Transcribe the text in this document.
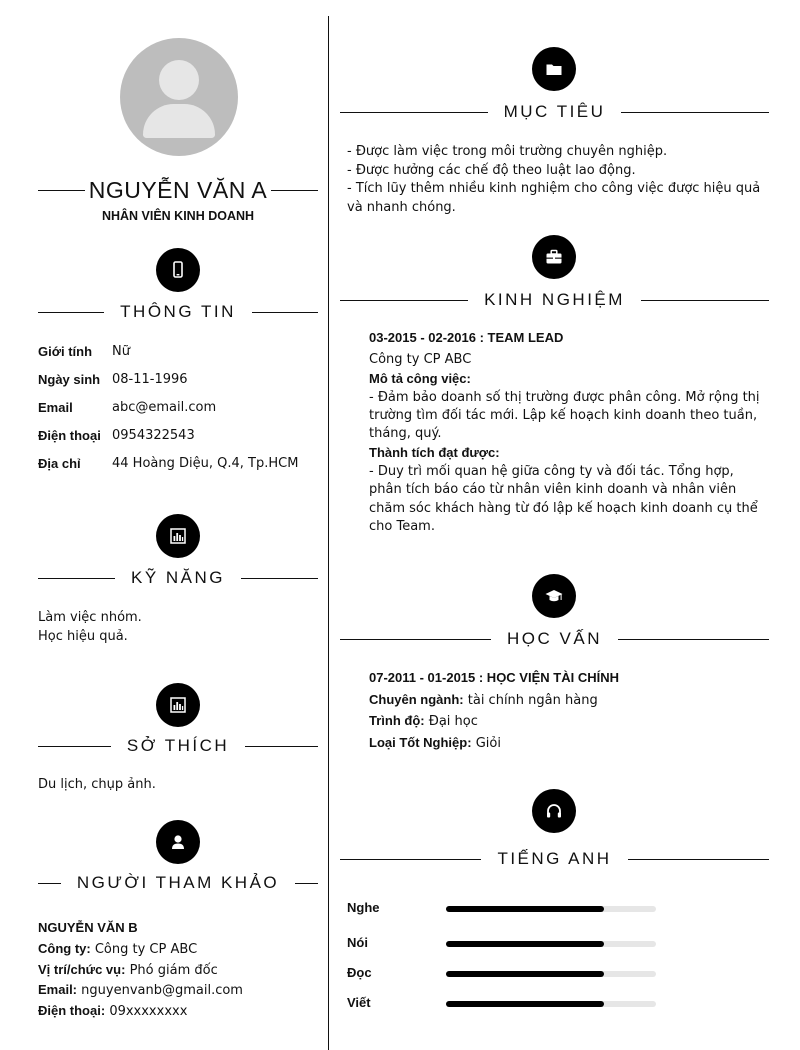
NGUYỄN VĂN A
NHÂN VIÊN KINH DOANH
THÔNG TIN
Giới tính Nữ
Ngày sinh 08-11-1996
Email	abc@email.com
Điện thoại 0954322543
Địa chỉ 44 Hoàng Diệu, Q.4, Tp.HCM
KỸ NĂNG
Làm việc nhóm.
Học hiệu quả.
SỞ THÍCH
Du lịch, chụp ảnh.
NGƯỜI THAM KHẢO
NGUYỄN VĂN B
Công ty: Công ty CP ABC
Vị trí/chức vụ: Phó giám đốc
Email: nguyenvanb@gmail.com
Điện thoại: 09xxxxxxxx
MỤC TIÊU
- Được làm việc trong môi trường chuyên nghiệp.
- Được hưởng các chế độ theo luật lao động.
- Tích lũy thêm nhiều kinh nghiệm cho công việc được hiệu quả và nhanh chóng.
KINH NGHIỆM
03-2015 - 02-2016 : TEAM LEAD
Công ty CP ABC
Mô tả công việc:
- Đảm bảo doanh số thị trường được phân công. Mở rộng thị trường tìm đối tác mới. Lập kế hoạch kinh doanh theo tuần, tháng, quý.
Thành tích đạt được:
- Duy trì mối quan hệ giữa công ty và đối tác. Tổng hợp, phân tích báo cáo từ nhân viên kinh doanh và nhân viên chăm sóc khách hàng từ đó lập kế hoạch kinh doanh cụ thể cho Team.
HỌC VẤN
07-2011 - 01-2015 : HỌC VIỆN TÀI CHÍNH
Chuyên ngành: tài chính ngân hàng
Trình độ: Đại học
Loại Tốt Nghiệp: Giỏi
TIẾNG ANH
Nghe
Nói
Đọc
Viết
